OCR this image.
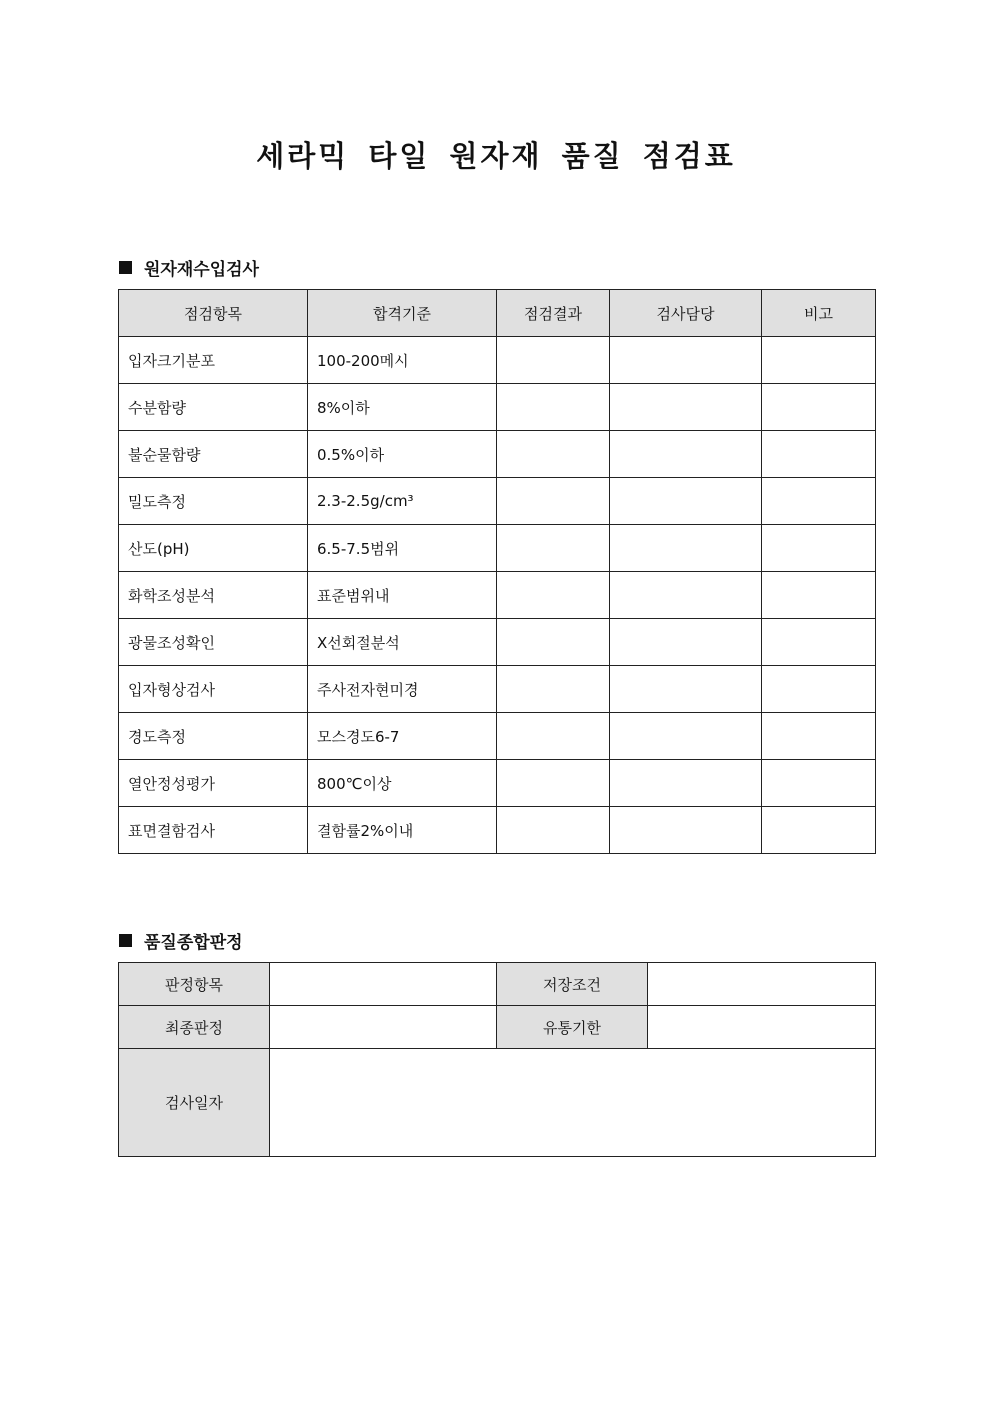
세라믹 타일 원자재 품질 점검표
원자재수입검사
점검항목	합격기준	점검결과	검사담당	비고
입자크기분포	100-200메시			
수분함량	8%이하			
불순물함량	0.5%이하			
밀도측정	2.3-2.5g/cm³			
산도(pH)	6.5-7.5범위			
화학조성분석	표준범위내			
광물조성확인	X선회절분석			
입자형상검사	주사전자현미경			
경도측정	모스경도6-7			
열안정성평가	800℃이상			
표면결함검사	결함률2%이내			
품질종합판정
판정항목		저장조건	
최종판정		유통기한	
검사일자			
